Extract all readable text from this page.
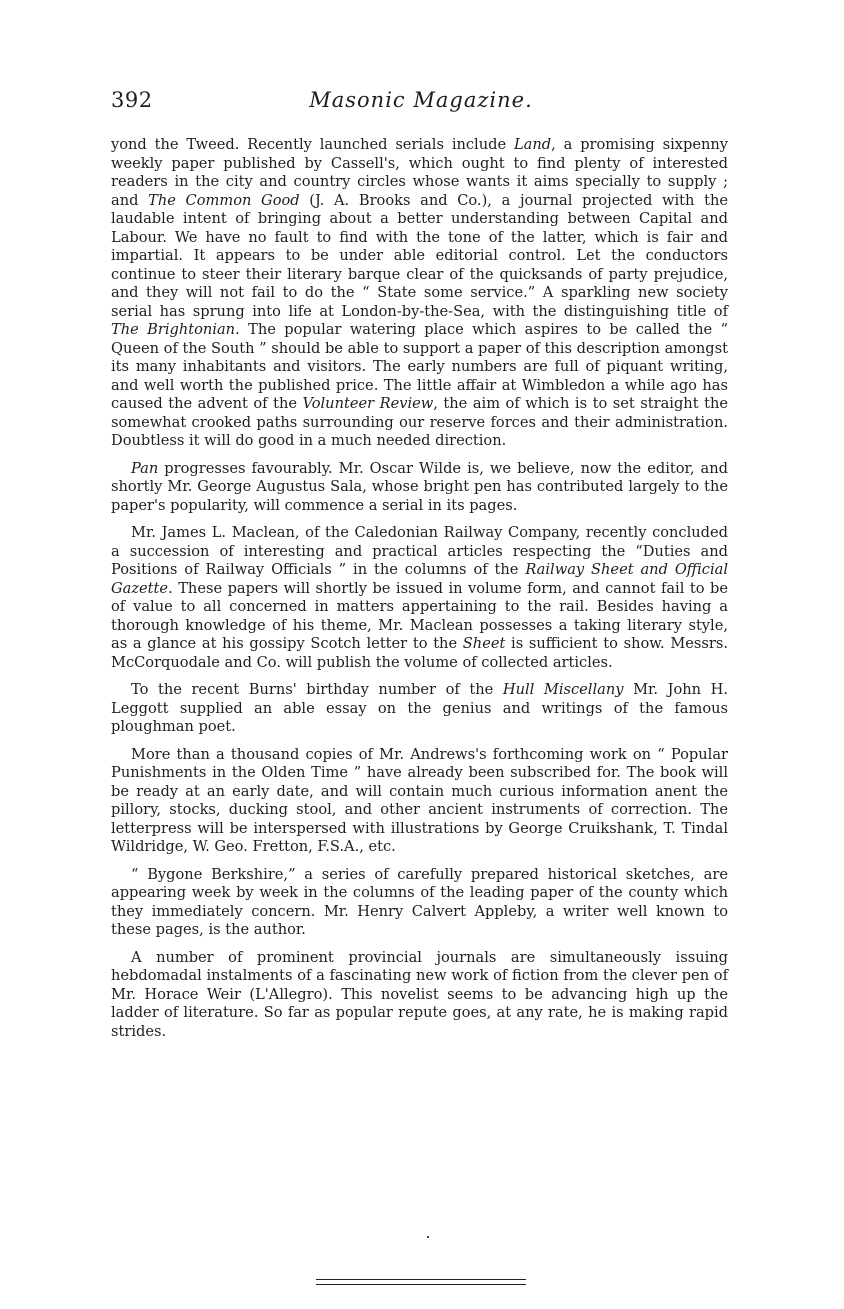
392	Masonic Magazine.

yond the Tweed. Recently launched serials include Land, a promising sixpenny weekly paper published by Cassell's, which ought to find plenty of interested readers in the city and country circles whose wants it aims specially to supply ; and The Common Good (J. A. Brooks and Co.), a journal projected with the laudable intent of bringing about a better understanding between Capital and Labour. We have no fault to find with the tone of the latter, which is fair and impartial. It appears to be under able editorial control. Let the conductors continue to steer their literary barque clear of the quicksands of party prejudice, and they will not fail to do the “ State some service.” A sparkling new society serial has sprung into life at London-by-the-Sea, with the distinguishing title of The Brightonian. The popular watering place which aspires to be called the “ Queen of the South ” should be able to support a paper of this description amongst its many inhabitants and visitors. The early numbers are full of piquant writing, and well worth the published price. The little affair at Wimbledon a while ago has caused the advent of the Volunteer Review, the aim of which is to set straight the somewhat crooked paths surrounding our reserve forces and their administration. Doubtless it will do good in a much needed direction.

Pan progresses favourably. Mr. Oscar Wilde is, we believe, now the editor, and shortly Mr. George Augustus Sala, whose bright pen has contributed largely to the paper's popularity, will commence a serial in its pages.

Mr. James L. Maclean, of the Caledonian Railway Company, recently concluded a succession of interesting and practical articles respecting the “Duties and Positions of Railway Officials ” in the columns of the Railway Sheet and Official Gazette. These papers will shortly be issued in volume form, and cannot fail to be of value to all concerned in matters appertaining to the rail. Besides having a thorough knowledge of his theme, Mr. Maclean possesses a taking literary style, as a glance at his gossipy Scotch letter to the Sheet is sufficient to show. Messrs. McCorquodale and Co. will publish the volume of collected articles.

To the recent Burns' birthday number of the Hull Miscellany Mr. John H. Leggott supplied an able essay on the genius and writings of the famous ploughman poet.

More than a thousand copies of Mr. Andrews's forthcoming work on “ Popular Punishments in the Olden Time ” have already been subscribed for. The book will be ready at an early date, and will contain much curious information anent the pillory, stocks, ducking stool, and other ancient instruments of correction. The letterpress will be interspersed with illustrations by George Cruikshank, T. Tindal Wildridge, W. Geo. Fretton, F.S.A., etc.

“ Bygone Berkshire,” a series of carefully prepared historical sketches, are appearing week by week in the columns of the leading paper of the county which they immediately concern. Mr. Henry Calvert Appleby, a writer well known to these pages, is the author.

A number of prominent provincial journals are simultaneously issuing hebdomadal instalments of a fascinating new work of fiction from the clever pen of Mr. Horace Weir (L'Allegro). This novelist seems to be advancing high up the ladder of literature. So far as popular repute goes, at any rate, he is making rapid strides.
